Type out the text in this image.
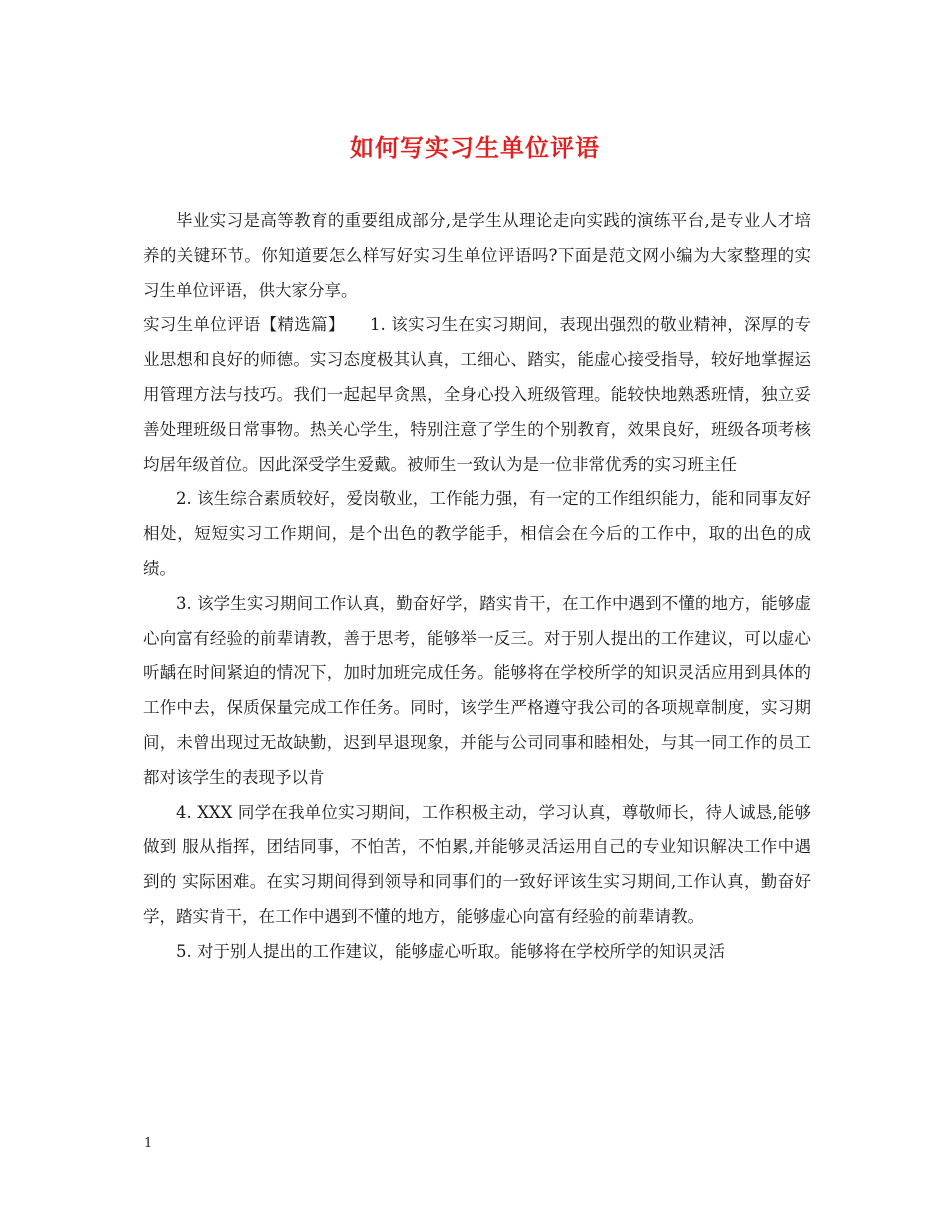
如何写实习生单位评语

毕业实习是高等教育的重要组成部分,是学生从理论走向实践的演练平台,是专业人才培养的关键环节。你知道要怎么样写好实习生单位评语吗?下面是范文网小编为大家整理的实习生单位评语，供大家分享。

实习生单位评语【精选篇】　　1. 该实习生在实习期间，表现出强烈的敬业精神，深厚的专业思想和良好的师德。实习态度极其认真，工细心、踏实，能虚心接受指导，较好地掌握运用管理方法与技巧。我们一起起早贪黑，全身心投入班级管理。能较快地熟悉班情，独立妥善处理班级日常事物。热关心学生，特别注意了学生的个别教育，效果良好，班级各项考核均居年级首位。因此深受学生爱戴。被师生一致认为是一位非常优秀的实习班主任

2. 该生综合素质较好，爱岗敬业，工作能力强，有一定的工作组织能力，能和同事友好相处，短短实习工作期间，是个出色的教学能手，相信会在今后的工作中，取的出色的成绩。

3. 该学生实习期间工作认真，勤奋好学，踏实肯干，在工作中遇到不懂的地方，能够虚心向富有经验的前辈请教，善于思考，能够举一反三。对于别人提出的工作建议，可以虚心听龋在时间紧迫的情况下，加时加班完成任务。能够将在学校所学的知识灵活应用到具体的工作中去，保质保量完成工作任务。同时，该学生严格遵守我公司的各项规章制度，实习期间，未曾出现过无故缺勤，迟到早退现象，并能与公司同事和睦相处，与其一同工作的员工都对该学生的表现予以肯

4. XXX 同学在我单位实习期间，工作积极主动，学习认真，尊敬师长，待人诚恳,能够做到 服从指挥，团结同事，不怕苦，不怕累,并能够灵活运用自己的专业知识解决工作中遇到的 实际困难。在实习期间得到领导和同事们的一致好评该生实习期间,工作认真，勤奋好学，踏实肯干，在工作中遇到不懂的地方，能够虚心向富有经验的前辈请教。

5. 对于别人提出的工作建议，能够虚心听取。能够将在学校所学的知识灵活

1
